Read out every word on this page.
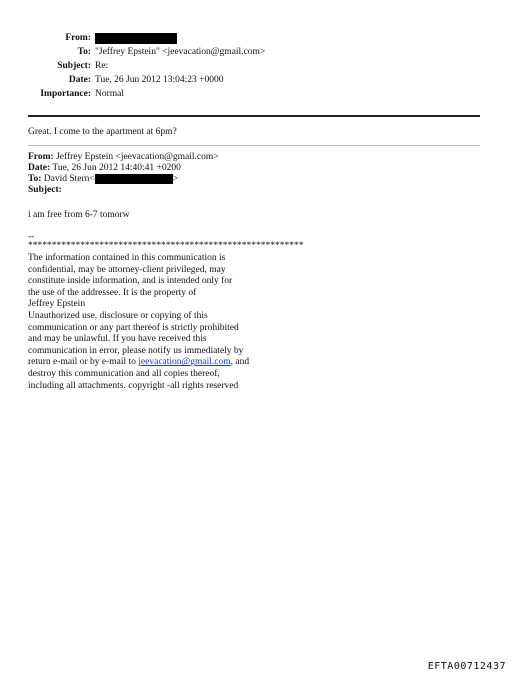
From:
To: "Jeffrey Epstein" <jeevacation@gmail.com>
Subject: Re:
Date: Tue, 26 Jun 2012 13:04:23 +0000
Importance: Normal
Great. I come to the apartment at 6pm?
From: Jeffrey Epstein <jeevacation@gmail.com>
Date: Tue, 26 Jun 2012 14:40:41 +0200
To: David Stern<	>
Subject:
i am free from 6-7 tomorw
--
**********************************************************
The information contained in this communication is
confidential, may be attorney-client privileged, may
constitute inside information, and is intended only for
the use of the addressee. It is the property of
Jeffrey Epstein
Unauthorized use, disclosure or copying of this
communication or any part thereof is strictly prohibited
and may be unlawful. If you have received this
communication in error, please notify us immediately by
return e-mail or by e-mail to jeevacation@gmail.com, and
destroy this communication and all copies thereof,
including all attachments. copyright -all rights reserved
EFTA00712437
